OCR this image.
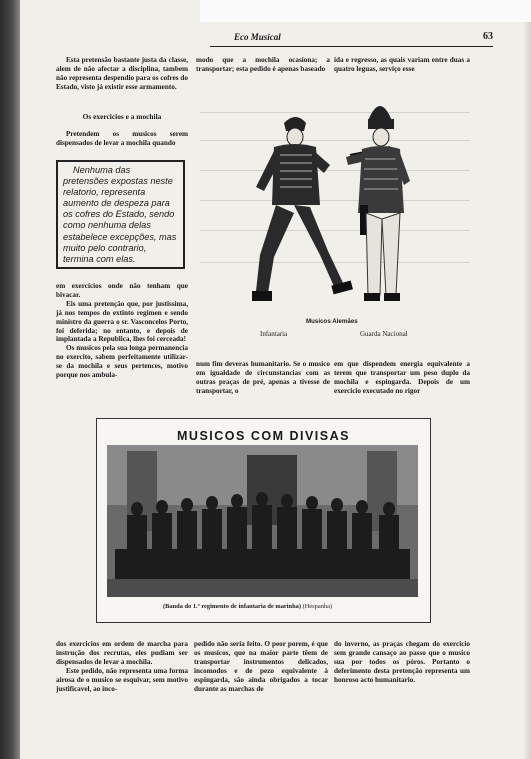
Eco Musical	63

Esta pretensão bastante justa da classe, alem de não afectar a disciplina, tambem não representa despendio para os cofres do Estado, visto já existir esse armamento.

Os exercicios e a mochila

Pretendem os musicos serem dispensados de levar a mochila quando

Nenhuma das pretensões expostas neste relatorio, representa aumento de despeza para os cofres do Estado, sendo como nenhuma delas estabelece excepções, mas muito pelo contrario, termina com elas.

em exercicios onde não tenham que bivacar.

Eis uma pretenção que, por justissima, já nos tempos do extinto regimen e sendo ministro da guerra o sr. Vasconcelos Porto, foi deferida; no entanto, e depois de implantada a Republica, lhes foi cerceada!

Os musicos pela sua longa permanencia no exercito, sabem perfeitamente utilizar-se da mochila e seus pertences, motivo porque nos ambula-

modo que a mochila ocasiona; a transportar; esta pedido é apenas baseado
ida e regresso, as quais variam entre duas a quatro leguas, serviço esse
Musicos Alemães
Infantaria	Guarda Nacional
num fim deveras humanitario. Se o musico em igualdade de circunstancias com as outras praças de pré, apenas a tivesse de transportar, o
em que dispendem energia equivalente a terem que transportar um peso duplo da mochila e espingarda. Depois de um exercicio executado no rigor
MUSICOS COM DIVISAS
(Banda do 1.º regimento de infantaria de marinha) (Hespanha)

dos exercicios em ordem de marcha para instrução dos recrutas, eles pudiam ser dispensados de levar a mochila.

Este pedido, não representa uma forma airosa de o musico se esquivar, sem motivo justificavel, ao inco-

pedido não seria feito. O peor porem, é que os musicos, que na maior parte têem de transportar instrumentos delicados, incomodos e de pezo equivalente à espingarda, são ainda obrigados a tocar durante as marchas de
do inverno, as praças chegam do exercicio sem grande cansaço ao passo que o musico sua por todos os póros. Portanto o deferimento desta pretenção representa um honroso acto humanitario.
